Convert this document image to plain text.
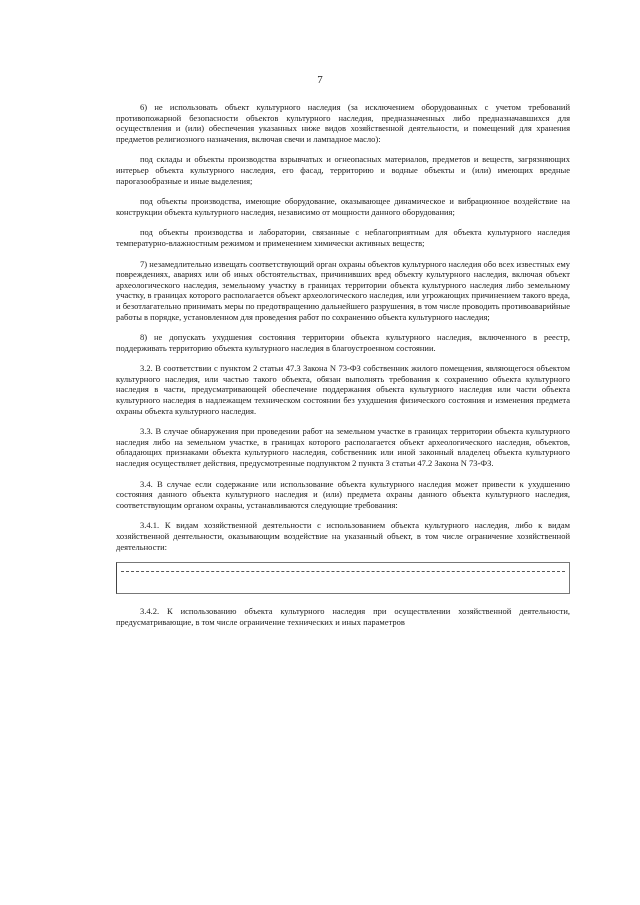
7

6) не использовать объект культурного наследия (за исключением оборудованных с учетом требований противопожарной безопасности объектов культурного наследия, предназначенных либо предназначавшихся для осуществления и (или) обеспечения указанных ниже видов хозяйственной деятельности, и помещений для хранения предметов религиозного назначения, включая свечи и лампадное масло):

под склады и объекты производства взрывчатых и огнеопасных материалов, предметов и веществ, загрязняющих интерьер объекта культурного наследия, его фасад, территорию и водные объекты и (или) имеющих вредные парогазообразные и иные выделения;

под объекты производства, имеющие оборудование, оказывающее динамическое и вибрационное воздействие на конструкции объекта культурного наследия, независимо от мощности данного оборудования;

под объекты производства и лаборатории, связанные с неблагоприятным для объекта культурного наследия температурно-влажностным режимом и применением химически активных веществ;

7) незамедлительно извещать соответствующий орган охраны объектов культурного наследия обо всех известных ему повреждениях, авариях или об иных обстоятельствах, причинивших вред объекту культурного наследия, включая объект археологического наследия, земельному участку в границах территории объекта культурного наследия либо земельному участку, в границах которого располагается объект археологического наследия, или угрожающих причинением такого вреда, и безотлагательно принимать меры по предотвращению дальнейшего разрушения, в том числе проводить противоаварийные работы в порядке, установленном для проведения работ по сохранению объекта культурного наследия;

8) не допускать ухудшения состояния территории объекта культурного наследия, включенного в реестр, поддерживать территорию объекта культурного наследия в благоустроенном состоянии.

3.2. В соответствии с пунктом 2 статьи 47.3 Закона N 73-ФЗ собственник жилого помещения, являющегося объектом культурного наследия, или частью такого объекта, обязан выполнять требования к сохранению объекта культурного наследия в части, предусматривающей обеспечение поддержания объекта культурного наследия или части объекта культурного наследия в надлежащем техническом состоянии без ухудшения физического состояния и изменения предмета охраны объекта культурного наследия.

3.3. В случае обнаружения при проведении работ на земельном участке в границах территории объекта культурного наследия либо на земельном участке, в границах которого располагается объект археологического наследия, объектов, обладающих признаками объекта культурного наследия, собственник или иной законный владелец объекта культурного наследия осуществляет действия, предусмотренные подпунктом 2 пункта 3 статьи 47.2 Закона N 73-ФЗ.

3.4. В случае если содержание или использование объекта культурного наследия может привести к ухудшению состояния данного объекта культурного наследия и (или) предмета охраны данного объекта культурного наследия, соответствующим органом охраны, устанавливаются следующие требования:

3.4.1. К видам хозяйственной деятельности с использованием объекта культурного наследия, либо к видам хозяйственной деятельности, оказывающим воздействие на указанный объект, в том числе ограничение хозяйственной деятельности:

3.4.2. К использованию объекта культурного наследия при осуществлении хозяйственной деятельности, предусматривающие, в том числе ограничение технических и иных параметров
